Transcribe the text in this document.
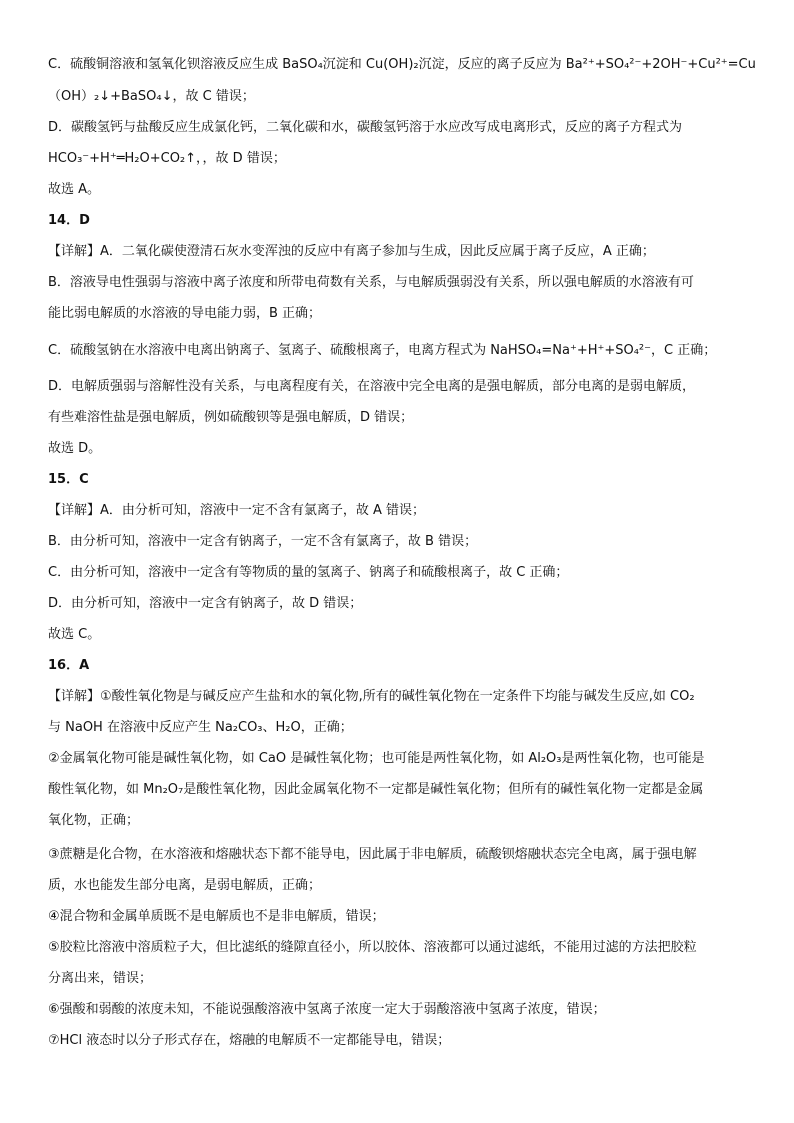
C．硫酸铜溶液和氢氧化钡溶液反应生成 BaSO₄沉淀和 Cu(OH)₂沉淀，反应的离子反应为 Ba²⁺+SO₄²⁻+2OH⁻+Cu²⁺=Cu
（OH）₂↓+BaSO₄↓，故 C 错误；
D．碳酸氢钙与盐酸反应生成氯化钙，二氧化碳和水，碳酸氢钙溶于水应改写成电离形式，反应的离子方程式为
HCO₃⁻+H⁺═H₂O+CO₂↑，，故 D 错误；
故选 A。
14．D
【详解】A．二氧化碳使澄清石灰水变浑浊的反应中有离子参加与生成，因此反应属于离子反应，A 正确；
B．溶液导电性强弱与溶液中离子浓度和所带电荷数有关系，与电解质强弱没有关系，所以强电解质的水溶液有可
能比弱电解质的水溶液的导电能力弱，B 正确；
C．硫酸氢钠在水溶液中电离出钠离子、氢离子、硫酸根离子，电离方程式为 NaHSO₄=Na⁺+H⁺+SO₄²⁻，C 正确；
D．电解质强弱与溶解性没有关系，与电离程度有关，在溶液中完全电离的是强电解质，部分电离的是弱电解质，
有些难溶性盐是强电解质，例如硫酸钡等是强电解质，D 错误；
故选 D。
15．C
【详解】A．由分析可知，溶液中一定不含有氯离子，故 A 错误；
B．由分析可知，溶液中一定含有钠离子，一定不含有氯离子，故 B 错误；
C．由分析可知，溶液中一定含有等物质的量的氢离子、钠离子和硫酸根离子，故 C 正确；
D．由分析可知，溶液中一定含有钠离子，故 D 错误；
故选 C。
16．A
【详解】①酸性氧化物是与碱反应产生盐和水的氧化物,所有的碱性氧化物在一定条件下均能与碱发生反应,如 CO₂
与 NaOH 在溶液中反应产生 Na₂CO₃、H₂O，正确；
②金属氧化物可能是碱性氧化物，如 CaO 是碱性氧化物；也可能是两性氧化物，如 Al₂O₃是两性氧化物，也可能是
酸性氧化物，如 Mn₂O₇是酸性氧化物，因此金属氧化物不一定都是碱性氧化物；但所有的碱性氧化物一定都是金属
氧化物，正确；
③蔗糖是化合物，在水溶液和熔融状态下都不能导电，因此属于非电解质，硫酸钡熔融状态完全电离，属于强电解
质，水也能发生部分电离，是弱电解质，正确；
④混合物和金属单质既不是电解质也不是非电解质，错误；
⑤胶粒比溶液中溶质粒子大，但比滤纸的缝隙直径小，所以胶体、溶液都可以通过滤纸，不能用过滤的方法把胶粒
分离出来，错误；
⑥强酸和弱酸的浓度未知，不能说强酸溶液中氢离子浓度一定大于弱酸溶液中氢离子浓度，错误；
⑦HCl 液态时以分子形式存在，熔融的电解质不一定都能导电，错误；
